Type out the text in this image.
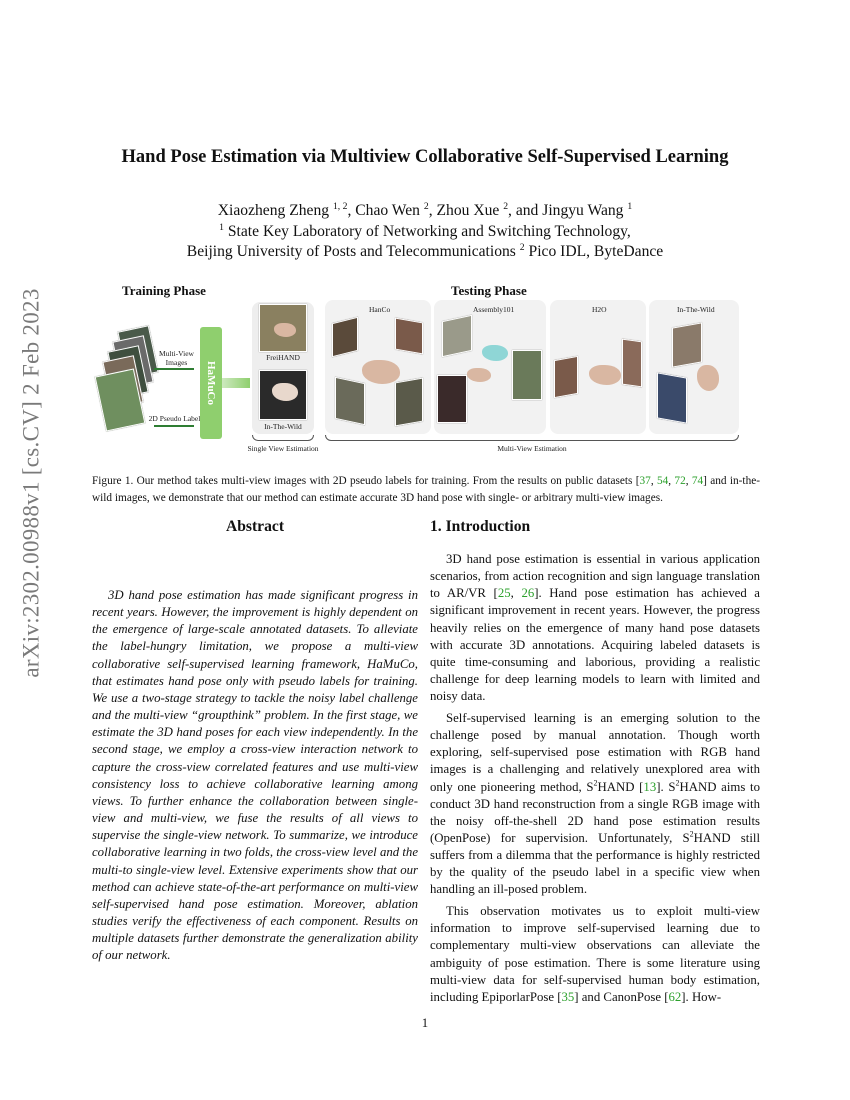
arXiv:2302.00988v1 [cs.CV] 2 Feb 2023
Hand Pose Estimation via Multiview Collaborative Self-Supervised Learning
Xiaozheng Zheng $^{1, 2}$, Chao Wen $^2$, Zhou Xue $^2$, and Jingyu Wang $^1$
$^1$ State Key Laboratory of Networking and Switching Technology,
Beijing University of Posts and Telecommunications $^2$ Pico IDL, ByteDance
Training Phase	Testing Phase
Multi-View Images
2D Pseudo Label
HaMuCo
FreiHAND
In-The-Wild
HanCo	Assembly101	H2O	In-The-Wild
Single View Estimation	Multi-View Estimation
Figure 1. Our method takes multi-view images with 2D pseudo labels for training. From the results on public datasets [37, 54, 72, 74] and in-the-wild images, we demonstrate that our method can estimate accurate 3D hand pose with single- or arbitrary multi-view images.
Abstract
3D hand pose estimation has made significant progress in recent years. However, the improvement is highly dependent on the emergence of large-scale annotated datasets. To alleviate the label-hungry limitation, we propose a multi-view collaborative self-supervised learning framework, HaMuCo, that estimates hand pose only with pseudo labels for training. We use a two-stage strategy to tackle the noisy label challenge and the multi-view “groupthink” problem. In the first stage, we estimate the 3D hand poses for each view independently. In the second stage, we employ a cross-view interaction network to capture the cross-view correlated features and use multi-view consistency loss to achieve collaborative learning among views. To further enhance the collaboration between single-view and multi-view, we fuse the results of all views to supervise the single-view network. To summarize, we introduce collaborative learning in two folds, the cross-view level and the multi-to single-view level. Extensive experiments show that our method can achieve state-of-the-art performance on multi-view self-supervised hand pose estimation. Moreover, ablation studies verify the effectiveness of each component. Results on multiple datasets further demonstrate the generalization ability of our network.
1. Introduction

3D hand pose estimation is essential in various application scenarios, from action recognition and sign language translation to AR/VR [25, 26]. Hand pose estimation has achieved a significant improvement in recent years. However, the progress heavily relies on the emergence of many hand pose datasets with accurate 3D annotations. Acquiring labeled datasets is quite time-consuming and laborious, providing a realistic challenge for deep learning models to learn with limited and noisy data.

Self-supervised learning is an emerging solution to the challenge posed by manual annotation. Though worth exploring, self-supervised pose estimation with RGB hand images is a challenging and relatively unexplored area with only one pioneering method, $S^2HAND$ [13]. $S^2HAND$ aims to conduct 3D hand reconstruction from a single RGB image with the noisy off-the-shell 2D hand pose estimation results (OpenPose) for supervision. Unfortunately, $S^2HAND$ still suffers from a dilemma that the performance is highly restricted by the quality of the pseudo label in a specific view when handling an ill-posed problem.

This observation motivates us to exploit multi-view information to improve self-supervised learning due to complementary multi-view observations can alleviate the ambiguity of pose estimation. There is some literature using multi-view data for self-supervised human body estimation, including EpiporlarPose [35] and CanonPose [62]. How-

1
